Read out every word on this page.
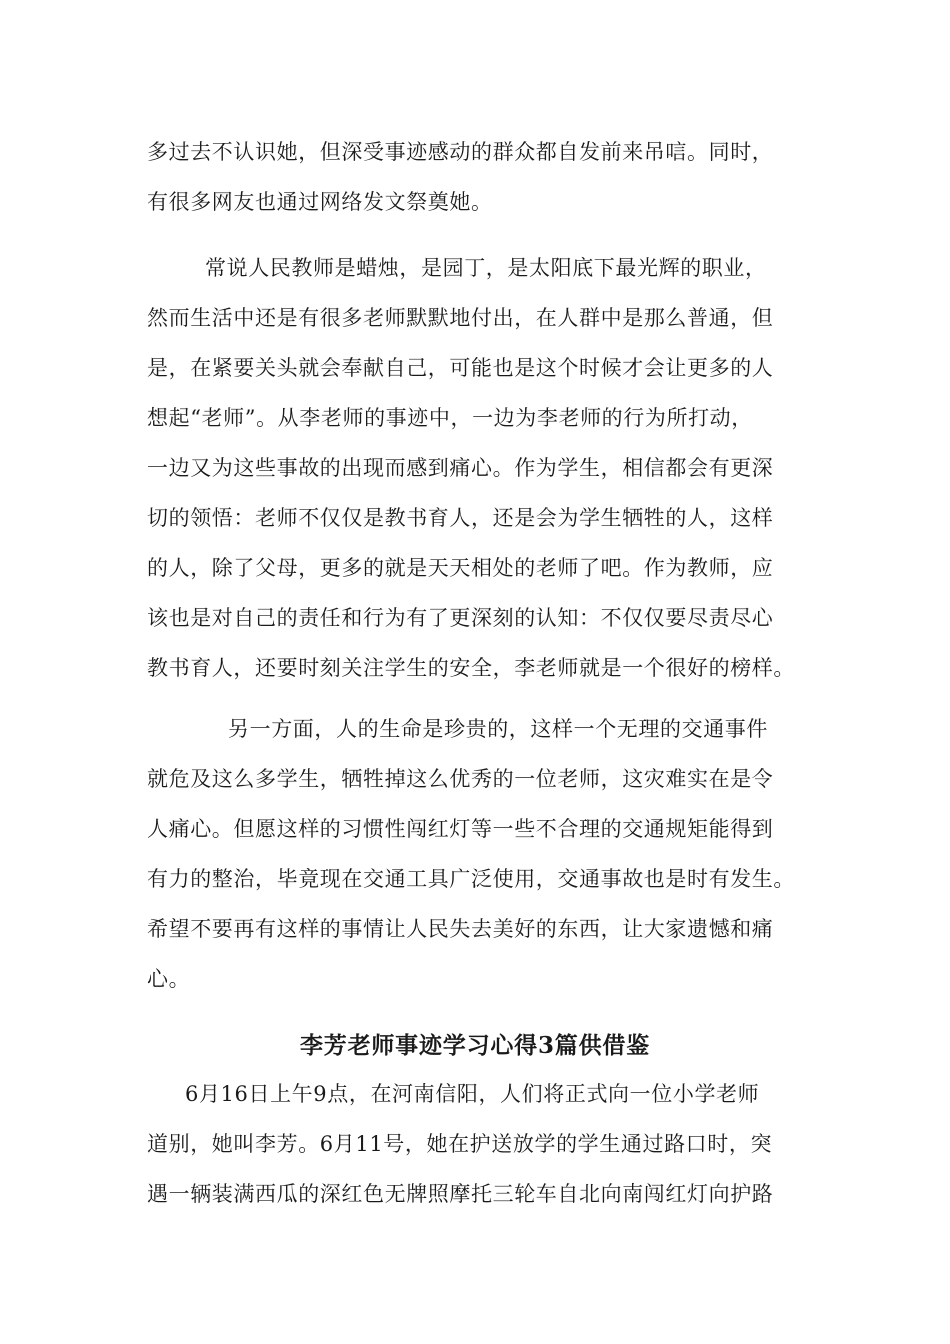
多过去不认识她，但深受事迹感动的群众都自发前来吊唁。同时，
有很多网友也通过网络发文祭奠她。
常说人民教师是蜡烛，是园丁，是太阳底下最光辉的职业，
然而生活中还是有很多老师默默地付出，在人群中是那么普通，但
是，在紧要关头就会奉献自己，可能也是这个时候才会让更多的人
想起“老师”。从李老师的事迹中，一边为李老师的行为所打动，
一边又为这些事故的出现而感到痛心。作为学生，相信都会有更深
切的领悟：老师不仅仅是教书育人，还是会为学生牺牲的人，这样
的人，除了父母，更多的就是天天相处的老师了吧。作为教师，应
该也是对自己的责任和行为有了更深刻的认知：不仅仅要尽责尽心
教书育人，还要时刻关注学生的安全，李老师就是一个很好的榜样。
另一方面，人的生命是珍贵的，这样一个无理的交通事件
就危及这么多学生，牺牲掉这么优秀的一位老师，这灾难实在是令
人痛心。但愿这样的习惯性闯红灯等一些不合理的交通规矩能得到
有力的整治，毕竟现在交通工具广泛使用，交通事故也是时有发生。
希望不要再有这样的事情让人民失去美好的东西，让大家遗憾和痛
心。
李芳老师事迹学习心得3篇供借鉴
6月16日上午9点，在河南信阳，人们将正式向一位小学老师
道别，她叫李芳。6月11号，她在护送放学的学生通过路口时，突
遇一辆装满西瓜的深红色无牌照摩托三轮车自北向南闯红灯向护路
